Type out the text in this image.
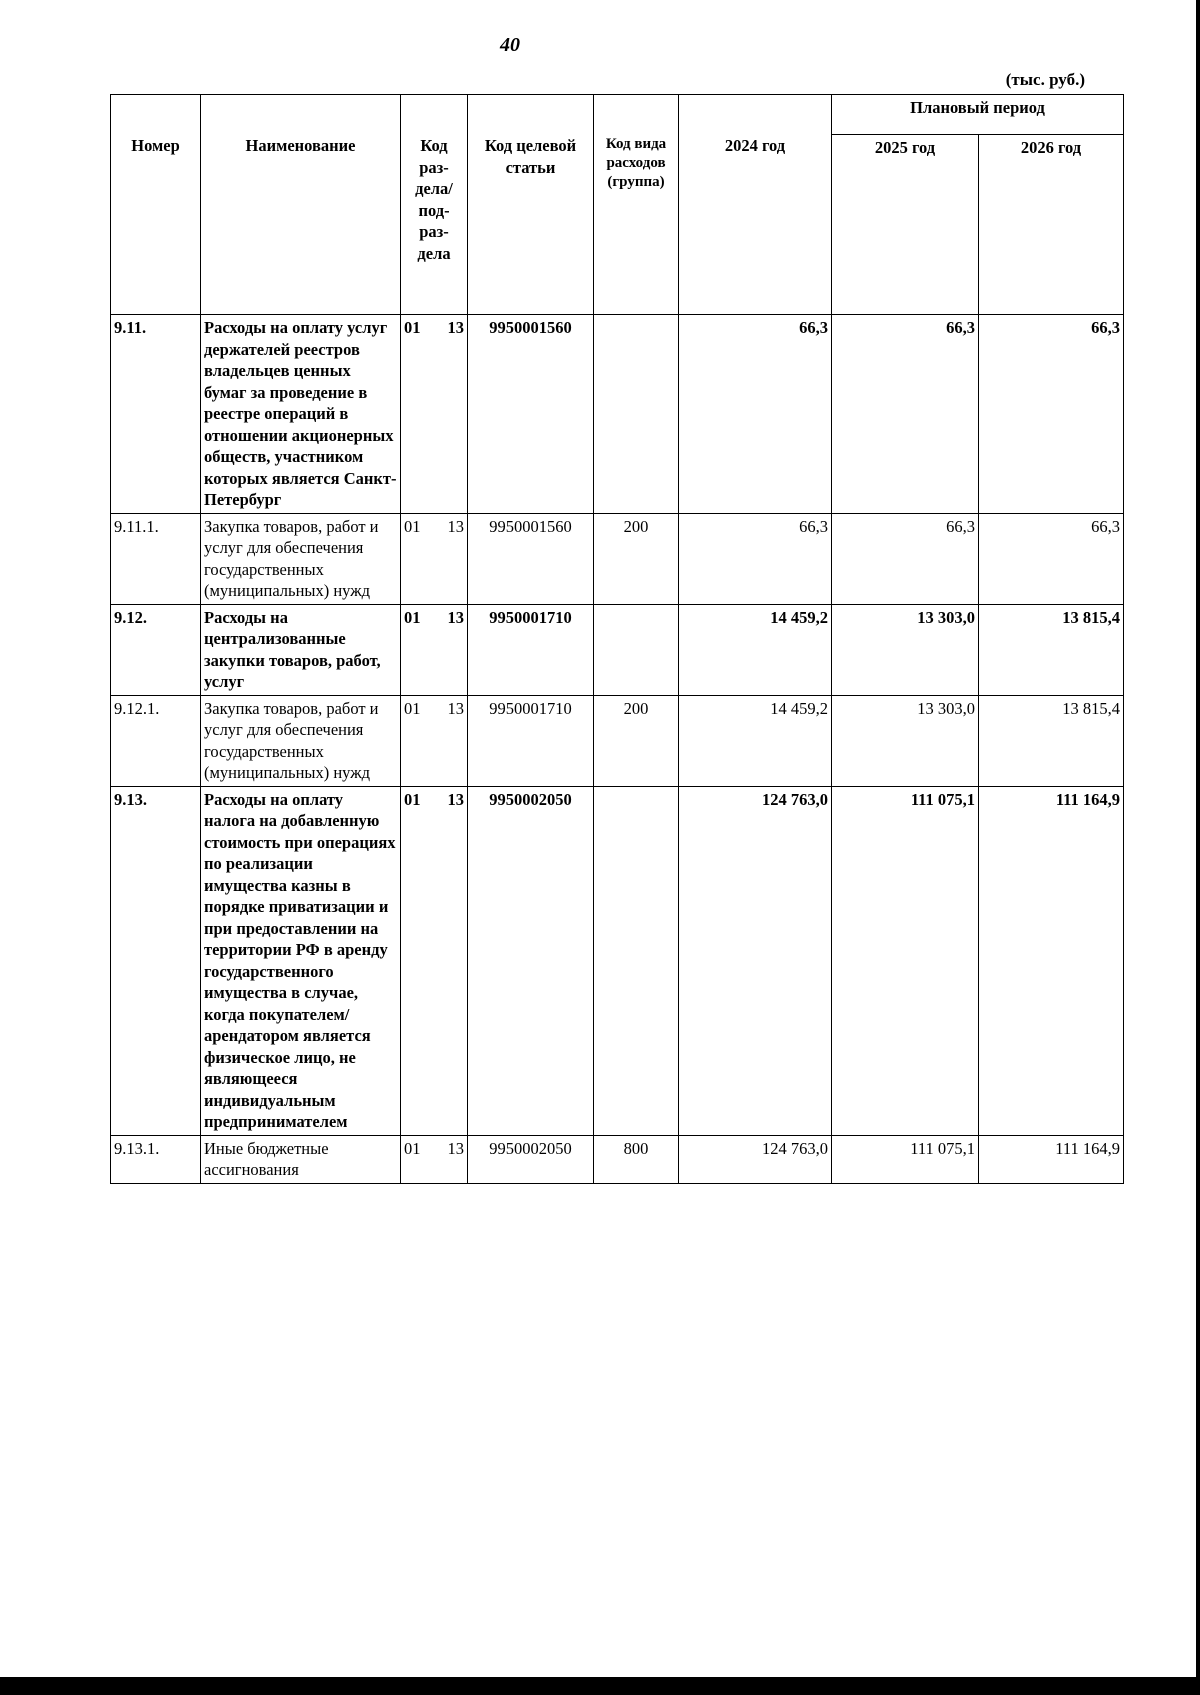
40
(тыс. руб.)
Номер	Наименование	Код раз-дела/ под-раз-дела	Код целевой статьи	Код вида расходов (группа)	2024 год	Плановый период	
						2025 год	2026 год
9.11.	Расходы на оплату услуг держателей реестров владельцев ценных бумаг за проведение в реестре операций в отношении акционерных обществ, участником которых является Санкт-Петербург	01 13	9950001560		66,3	66,3	66,3
9.11.1.	Закупка товаров, работ и услуг для обеспечения государственных (муниципальных) нужд	01 13	9950001560	200	66,3	66,3	66,3
9.12.	Расходы на централизованные закупки товаров, работ, услуг	01 13	9950001710		14 459,2	13 303,0	13 815,4
9.12.1.	Закупка товаров, работ и услуг для обеспечения государственных (муниципальных) нужд	01 13	9950001710	200	14 459,2	13 303,0	13 815,4
9.13.	Расходы на оплату налога на добавленную стоимость при операциях по реализации имущества казны в порядке приватизации и при предоставлении на территории РФ в аренду государственного имущества в случае, когда покупателем/арендатором является физическое лицо, не являющееся индивидуальным предпринимателем	01 13	9950002050		124 763,0	111 075,1	111 164,9
9.13.1.	Иные бюджетные ассигнования	01 13	9950002050	800	124 763,0	111 075,1	111 164,9
